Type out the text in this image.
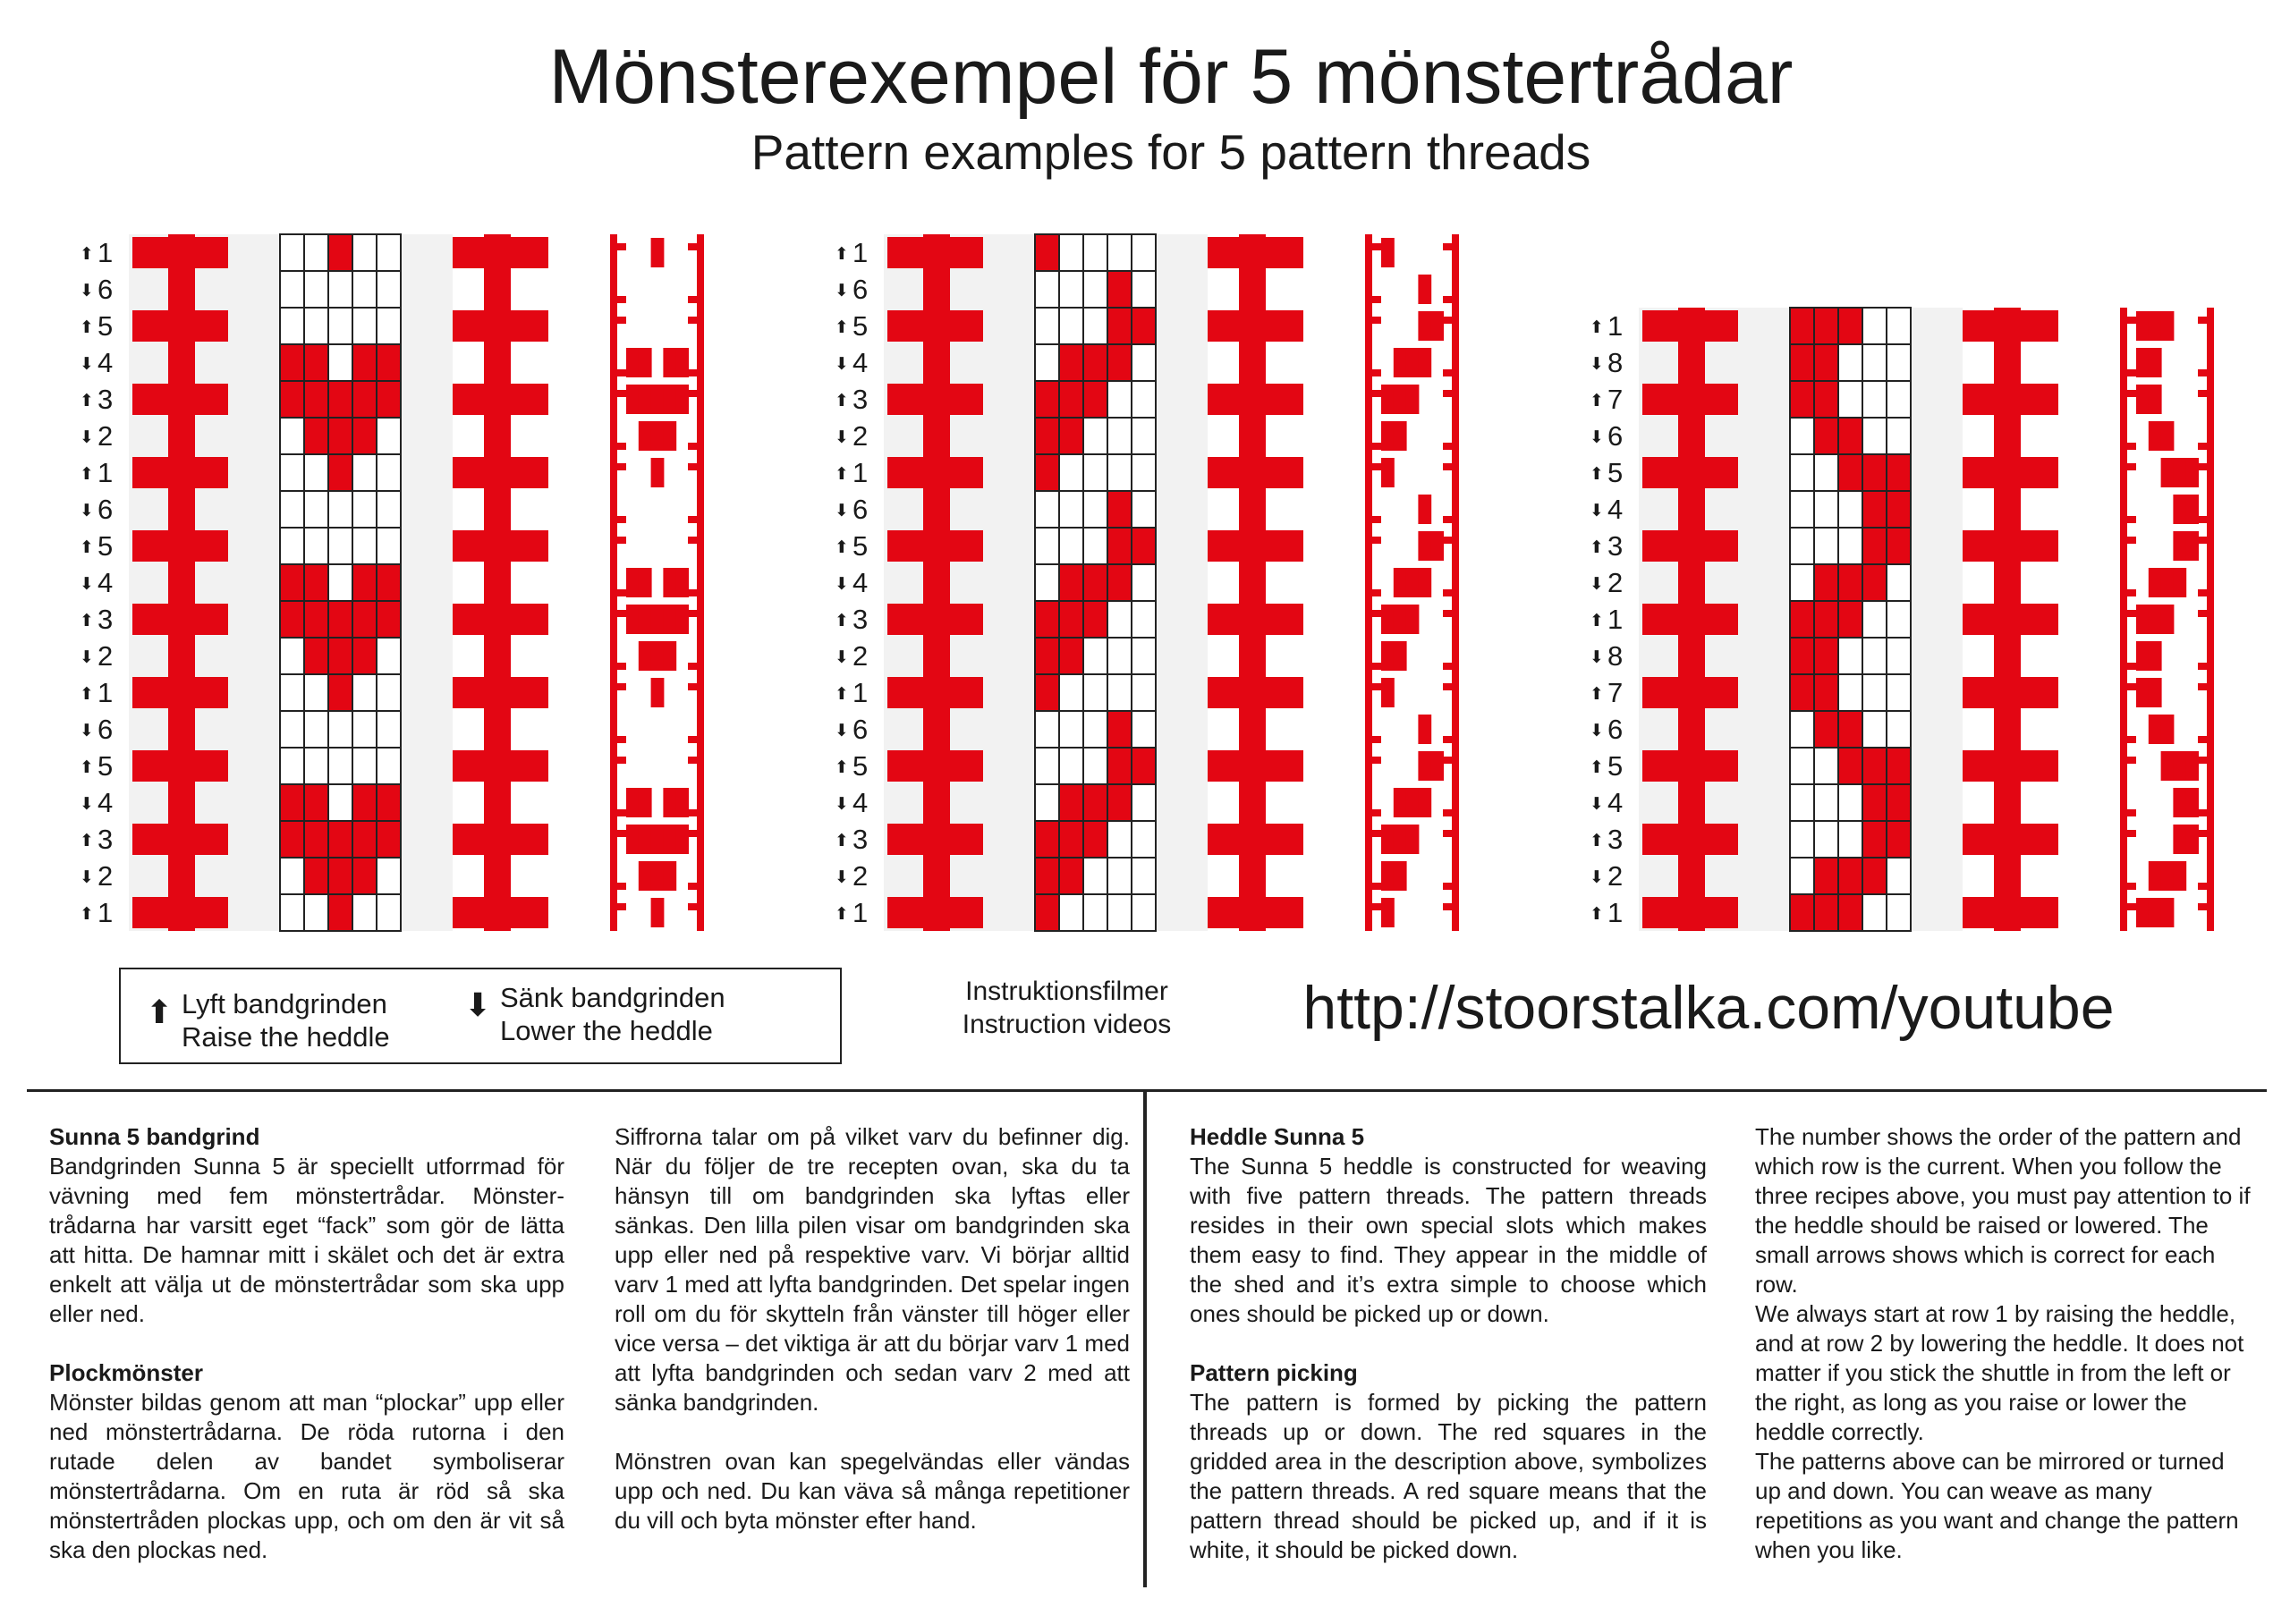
Mönsterexempel för 5 mönstertrådar
Pattern examples for 5 pattern threads
⬆ 1
⬇ 6
⬆ 5
⬇ 4
⬆ 3
⬇ 2
⬆ 1
⬇ 6
⬆ 5
⬇ 4
⬆ 3
⬇ 2
⬆ 1
⬇ 6
⬆ 5
⬇ 4
⬆ 3
⬇ 2
⬆ 1
⬆ 1
⬇ 6
⬆ 5
⬇ 4
⬆ 3
⬇ 2
⬆ 1
⬇ 6
⬆ 5
⬇ 4
⬆ 3
⬇ 2
⬆ 1
⬇ 6
⬆ 5
⬇ 4
⬆ 3
⬇ 2
⬆ 1
⬆ 1
⬇ 8
⬆ 7
⬇ 6
⬆ 5
⬇ 4
⬆ 3
⬇ 2
⬆ 1
⬇ 8
⬆ 7
⬇ 6
⬆ 5
⬇ 4
⬆ 3
⬇ 2
⬆ 1
⬆ Lyft bandgrinden
Raise the heddle
⬇ Sänk bandgrinden
Lower the heddle
Instruktionsfilmer
Instruction videos	http://stoorstalka.com/youtube

Sunna 5 bandgrind
Bandgrinden Sunna 5 är speciellt utforrmad för vävning med fem mönstertrådar. Mönster-trådarna har varsitt eget “fack” som gör de lätta att hitta. De hamnar mitt i skälet och det är extra enkelt att välja ut de mönstertrådar som ska upp eller ned.

Plockmönster
Mönster bildas genom att man “plockar” upp eller ned mönstertrådarna. De röda rutorna i den rutade delen av bandet symboliserar mönstertrådarna. Om en ruta är röd så ska mönstertråden plockas upp, och om den är vit så ska den plockas ned.

Siffrorna talar om på vilket varv du befinner dig. När du följer de tre recepten ovan, ska du ta hänsyn till om bandgrinden ska lyftas eller sänkas. Den lilla pilen visar om bandgrinden ska upp eller ned på respektive varv. Vi börjar alltid varv 1 med att lyfta bandgrinden. Det spelar ingen roll om du för skytteln från vänster till höger eller vice versa – det viktiga är att du börjar varv 1 med att lyfta bandgrinden och sedan varv 2 med att sänka bandgrinden.

Mönstren ovan kan spegelvändas eller vändas upp och ned. Du kan väva så många repetitioner du vill och byta mönster efter hand.

Heddle Sunna 5
The Sunna 5 heddle is constructed for weaving with five pattern threads. The pattern threads resides in their own special slots which makes them easy to find. They appear in the middle of the shed and it’s extra simple to choose which ones should be picked up or down.

Pattern picking
The pattern is formed by picking the pattern threads up or down. The red squares in the gridded area in the description above, symbolizes the pattern threads. A red square means that the pattern thread should be picked up, and if it is white, it should be picked down.

The number shows the order of the pattern and which row is the current. When you follow the three recipes above, you must pay attention to if the heddle should be raised or lowered. The small arrows shows which is correct for each row.

We always start at row 1 by raising the heddle, and at row 2 by lowering the heddle. It does not matter if you stick the shuttle in from the left or the right, as long as you raise or lower the heddle correctly.

The patterns above can be mirrored or turned up and down. You can weave as many repetitions as you want and change the pattern when you like.
